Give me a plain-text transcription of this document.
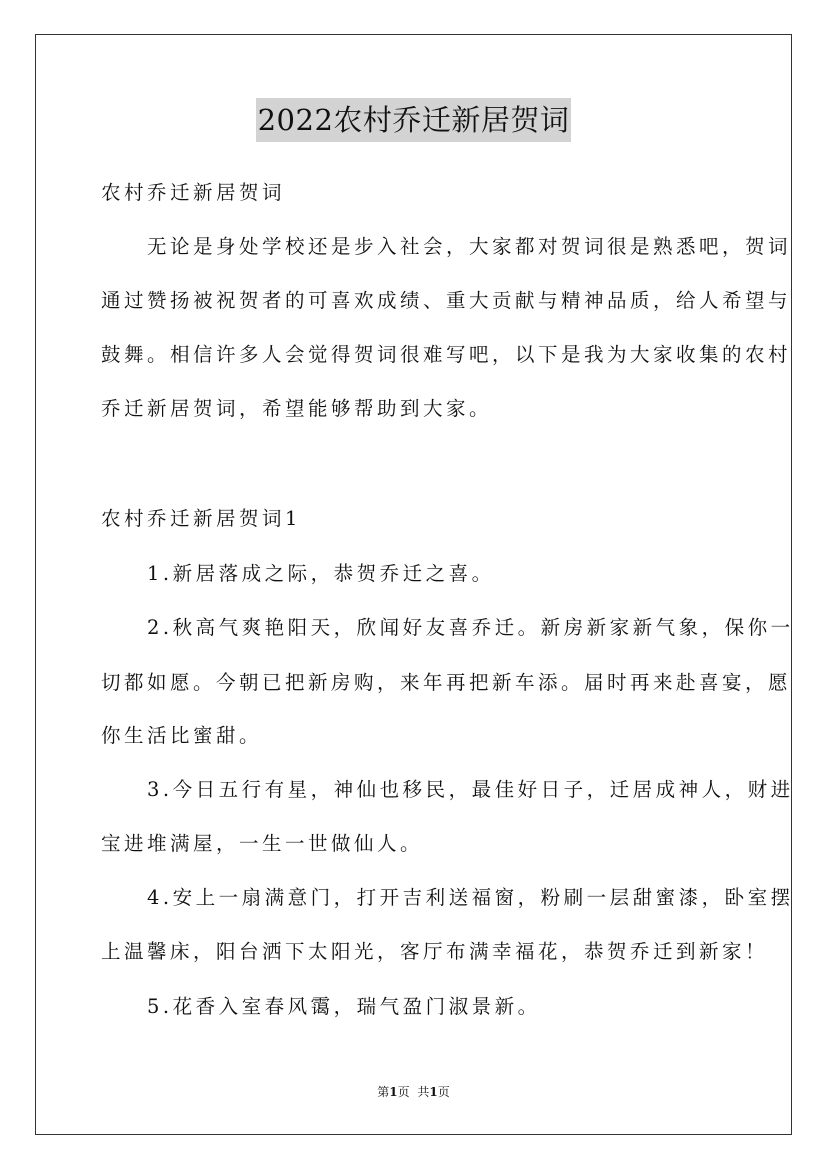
2022农村乔迁新居贺词
农村乔迁新居贺词
　　无论是身处学校还是步入社会，大家都对贺词很是熟悉吧，贺词
通过赞扬被祝贺者的可喜欢成绩、重大贡献与精神品质，给人希望与
鼓舞。相信许多人会觉得贺词很难写吧，以下是我为大家收集的农村
乔迁新居贺词，希望能够帮助到大家。
农村乔迁新居贺词1
　　1.新居落成之际，恭贺乔迁之喜。
　　2.秋高气爽艳阳天，欣闻好友喜乔迁。新房新家新气象，保你一
切都如愿。今朝已把新房购，来年再把新车添。届时再来赴喜宴，愿
你生活比蜜甜。
　　3.今日五行有星，神仙也移民，最佳好日子，迁居成神人，财进
宝进堆满屋，一生一世做仙人。
　　4.安上一扇满意门，打开吉利送福窗，粉刷一层甜蜜漆，卧室摆
上温馨床，阳台洒下太阳光，客厅布满幸福花，恭贺乔迁到新家！
　　5.花香入室春风霭，瑞气盈门淑景新。
第1页 共1页
